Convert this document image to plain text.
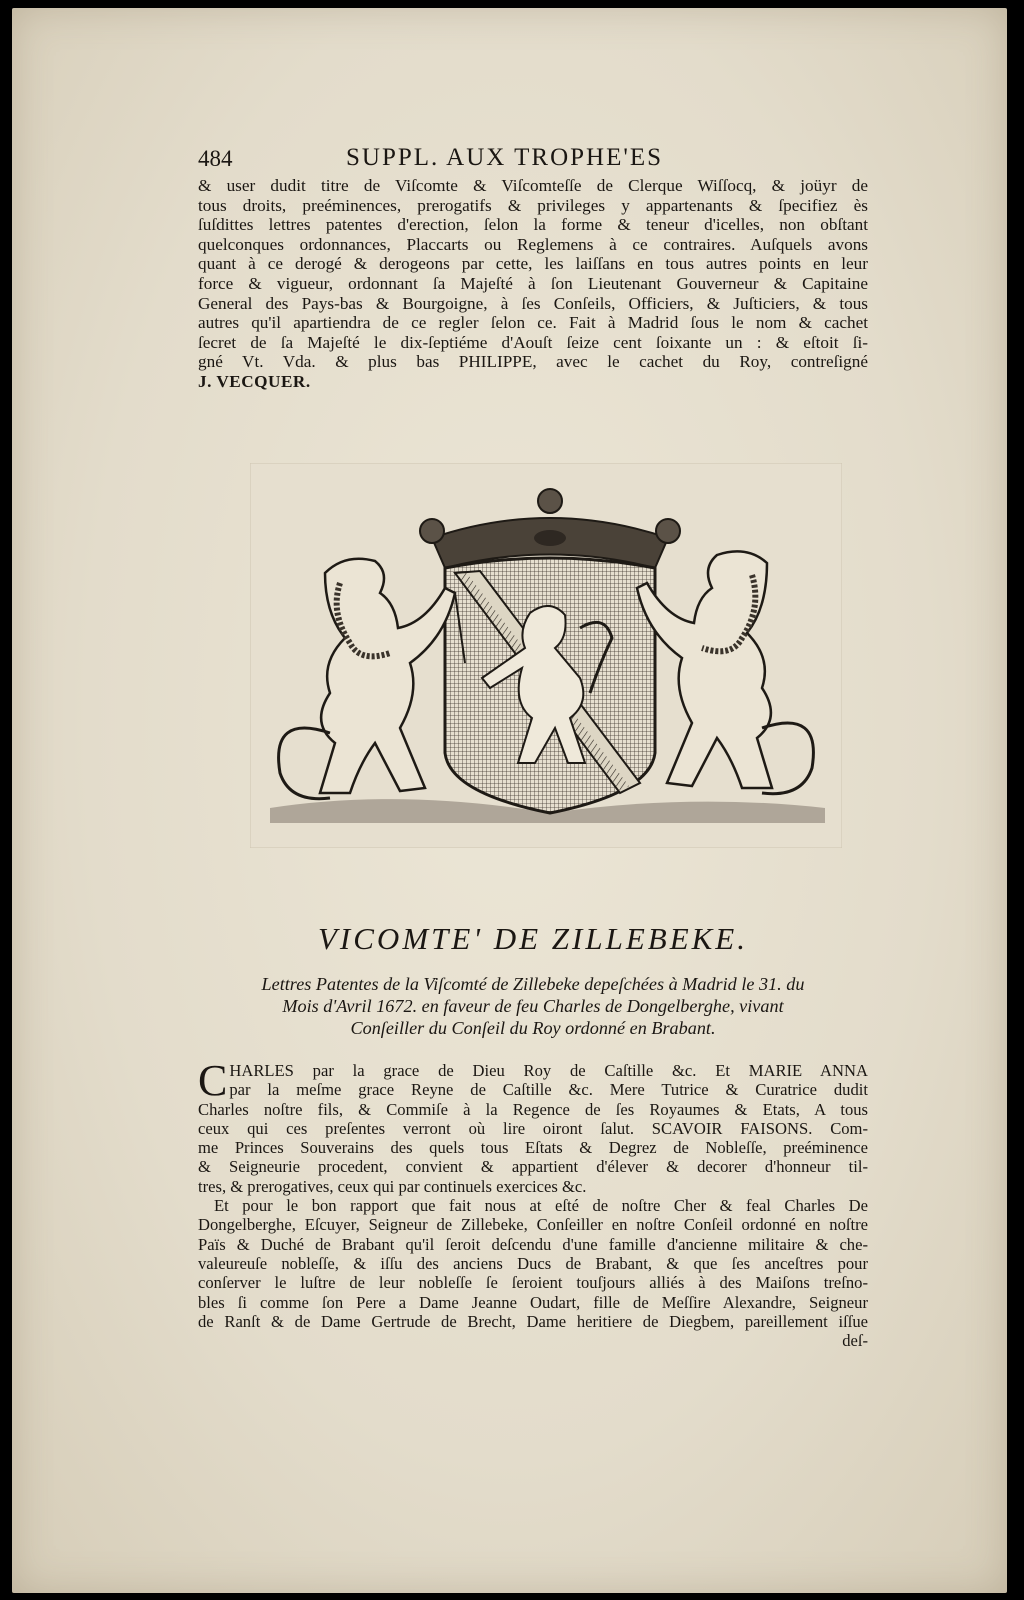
484	SUPPL. AUX TROPHE'ES
& user dudit titre de Viſcomte & Viſcomteſſe de Clerque Wiſſocq, & joüyr de
tous droits, preéminences, prerogatifs & privileges y appartenants & ſpecifiez ès
ſuſdittes lettres patentes d'erection, ſelon la forme & teneur d'icelles, non obſtant
quelconques ordonnances, Placcarts ou Reglemens à ce contraires. Auſquels avons
quant à ce derogé & derogeons par cette, les laiſſans en tous autres points en leur
force & vigueur, ordonnant ſa Majeſté à ſon Lieutenant Gouverneur & Capitaine
General des Pays-bas & Bourgoigne, à ſes Conſeils, Officiers, & Juſticiers, & tous
autres qu'il apartiendra de ce regler ſelon ce. Fait à Madrid ſous le nom & cachet
ſecret de ſa Majeſté le dix-ſeptiéme d'Aouſt ſeize cent ſoixante un : & eſtoit ſi-
gné Vt. Vda. & plus bas PHILIPPE, avec le cachet du Roy, contreſigné
J. VECQUER.
VICOMTE' DE ZILLEBEKE.
Lettres Patentes de la Viſcomté de Zillebeke depeſchées à Madrid le 31. du
Mois d'Avril 1672. en faveur de feu Charles de Dongelberghe, vivant
Conſeiller du Conſeil du Roy ordonné en Brabant.
C HARLES par la grace de Dieu Roy de Caſtille &c. Et MARIE ANNA

par la meſme grace Reyne de Caſtille &c. Mere Tutrice & Curatrice dudit

Charles noſtre fils, & Commiſe à la Regence de ſes Royaumes & Etats, A tous

ceux qui ces preſentes verront où lire oiront ſalut. SCAVOIR FAISONS. Com-

me Princes Souverains des quels tous Eſtats & Degrez de Nobleſſe, preéminence

& Seigneurie procedent, convient & appartient d'élever & decorer d'honneur til-

tres, & prerogatives, ceux qui par continuels exercices &c.

Et pour le bon rapport que fait nous at eſté de noſtre Cher & feal Charles De

Dongelberghe, Eſcuyer, Seigneur de Zillebeke, Conſeiller en noſtre Conſeil ordonné en noſtre

Païs & Duché de Brabant qu'il ſeroit deſcendu d'une famille d'ancienne militaire & che-

valeureuſe nobleſſe, & iſſu des anciens Ducs de Brabant, & que ſes anceſtres pour

conſerver le luſtre de leur nobleſſe ſe ſeroient touſjours alliés à des Maiſons treſno-

bles ſi comme ſon Pere a Dame Jeanne Oudart, fille de Meſſire Alexandre, Seigneur

de Ranſt & de Dame Gertrude de Brecht, Dame heritiere de Diegbem, pareillement iſſue

deſ-
